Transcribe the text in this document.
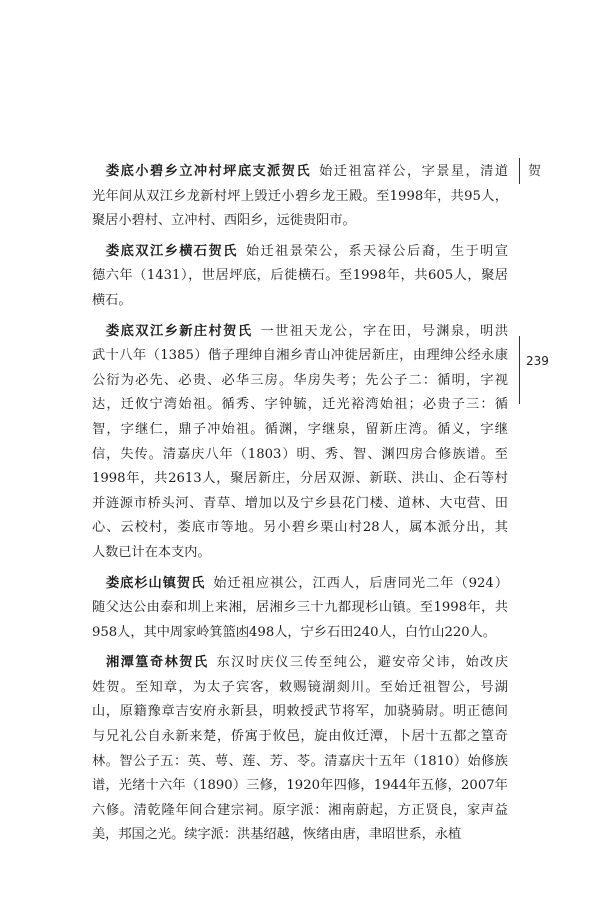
贺
239
娄底小碧乡立冲村坪底支派贺氏 始迁祖富祥公，字景星，清道
光年间从双江乡龙新村坪上毁迁小碧乡龙王殿。至1998年，共95人，
聚居小碧村、立冲村、西阳乡，远徙贵阳市。
娄底双江乡横石贺氏 始迁祖景荣公，系天禄公后裔，生于明宣
德六年（1431），世居坪底，后徙横石。至1998年，共605人，聚居
横石。
娄底双江乡新庄村贺氏 一世祖天龙公，字在田，号渊泉，明洪
武十八年（1385）偕子理绅自湘乡青山冲徙居新庄，由理绅公经永康
公衍为必先、必贵、必华三房。华房失考；先公子二：循明，字视
达，迁攸宁湾始祖。循秀、字钟毓，迁光裕湾始祖；必贵子三：循
智，字继仁，鼎子冲始祖。循渊，字继泉，留新庄湾。循义，字继
信，失传。清嘉庆八年（1803）明、秀、智、渊四房合修族谱。至
1998年，共2613人，聚居新庄，分居双源、新联、洪山、企石等村
并涟源市桥头河、青草、增加以及宁乡县花门楼、道林、大屯营、田
心、云校村，娄底市等地。另小碧乡栗山村28人，属本派分出，其
人数已计在本支内。
娄底杉山镇贺氏 始迁祖应祺公，江西人，后唐同光二年（924）
随父达公由泰和圳上来湘，居湘乡三十九都现杉山镇。至1998年，共
958人，其中周家岭箕篮凼498人，宁乡石田240人，白竹山220人。
湘潭篁奇林贺氏 东汉时庆仪三传至纯公，避安帝父讳，始改庆
姓贺。至知章，为太子宾客，敕赐镜湖剡川。至始迁祖智公，号湖
山，原籍豫章吉安府永新县，明敕授武节将军，加骁骑尉。明正德间
与兄礼公自永新来楚，侨寓于攸邑，旋由攸迁潭，卜居十五都之篁奇
林。智公子五：英、萼、莲、芳、苓。清嘉庆十五年（1810）始修族
谱，光绪十六年（1890）三修，1920年四修，1944年五修，2007年
六修。清乾隆年间合建宗祠。原字派：湘南蔚起，方正贤良，家声益
美，邦国之光。续字派：洪基绍越，恢绪由唐，聿昭世系，永植
